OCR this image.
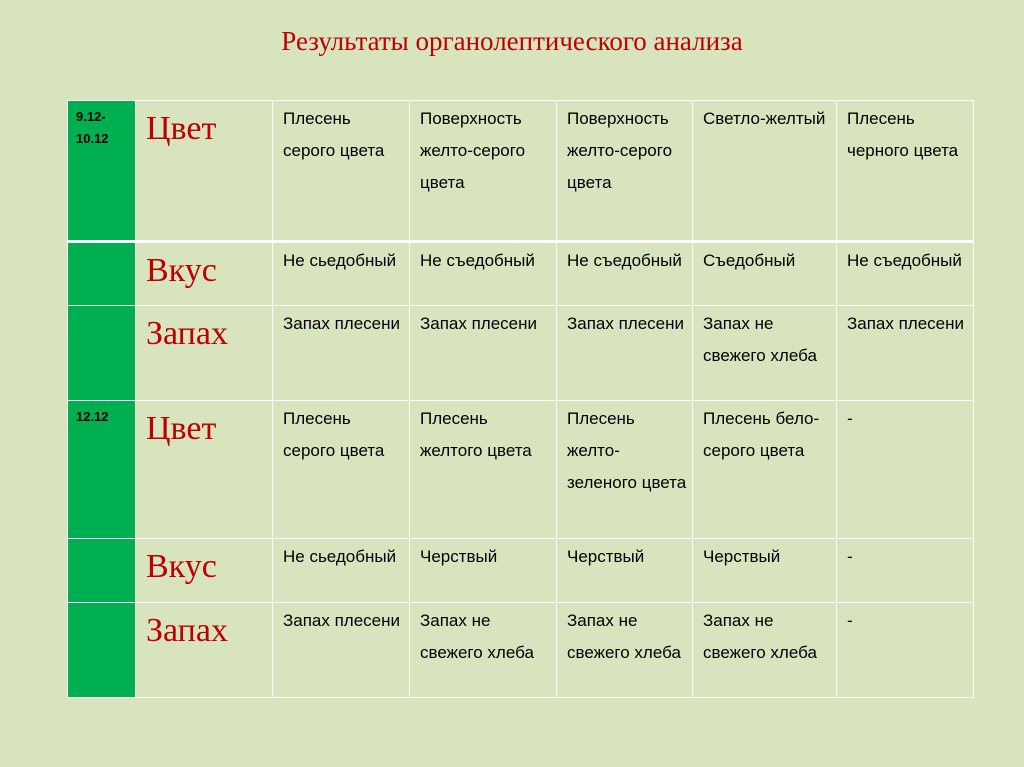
Результаты органолептического анализа
9.12-10.12	Цвет	Плесень серого цвета	Поверхность желто-серого цвета	Поверхность желто-серого цвета	Светло-желтый	Плесень черного цвета
	Вкус	Не сьедобный	Не съедобный	Не съедобный	Съедобный	Не съедобный
	Запах	Запах плесени	Запах плесени	Запах плесени	Запах не свежего хлеба	Запах плесени
12.12	Цвет	Плесень серого цвета	Плесень желтого цвета	Плесень желто-зеленого цвета	Плесень бело-серого цвета	-
	Вкус	Не сьедобный	Черствый	Черствый	Черствый	-
	Запах	Запах плесени	Запах не свежего хлеба	Запах не свежего хлеба	Запах не свежего хлеба	-
